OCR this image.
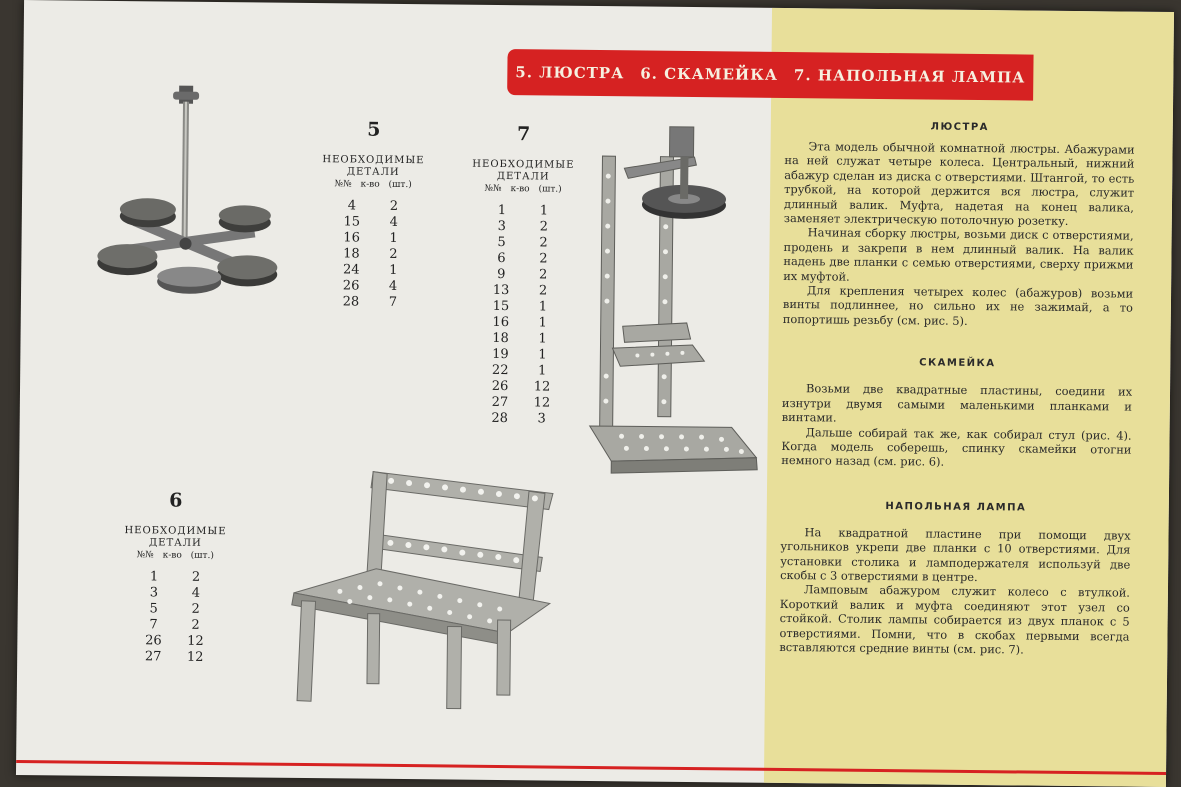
5. ЛЮСТРА 6. СКАМЕЙКА 7. НАПОЛЬНАЯ ЛАМПА
5
НЕОБХОДИМЫЕ
ДЕТАЛИ
№№ к-во (шт.)
4	2
15	4
16	1
18	2
24	1
26	4
28	7
7
НЕОБХОДИМЫЕ
ДЕТАЛИ
№№ к-во (шт.)
1	1
3	2
5	2
6	2
9	2
13	2
15	1
16	1
18	1
19	1
22	1
26	12
27	12
28	3
6
НЕОБХОДИМЫЕ
ДЕТАЛИ
№№ к-во (шт.)
1	2
3	4
5	2
7	2
26	12
27	12
ЛЮСТРА

Эта модель обычной комнатной люстры. Абажурами на ней служат четыре колеса. Центральный, нижний абажур сделан из диска с отверстиями. Штангой, то есть трубкой, на которой держится вся люстра, служит длинный валик. Муфта, надетая на конец валика, заменяет электрическую потолочную розетку.

Начиная сборку люстры, возьми диск с отверстиями, продень и закрепи в нем длинный валик. На валик надень две планки с семью отверстиями, сверху прижми их муфтой.

Для крепления четырех колес (абажуров) возьми винты подлиннее, но сильно их не зажимай, а то попортишь резьбу (см. рис. 5).

СКАМЕЙКА

Возьми две квадратные пластины, соедини их изнутри двумя самыми маленькими планками и винтами.

Дальше собирай так же, как собирал стул (рис. 4). Когда модель соберешь, спинку скамейки отогни немного назад (см. рис. 6).

НАПОЛЬНАЯ ЛАМПА

На квадратной пластине при помощи двух угольников укрепи две планки с 10 отверстиями. Для установки столика и ламподержателя используй две скобы с 3 отверстиями в центре.

Ламповым абажуром служит колесо с втулкой. Короткий валик и муфта соединяют этот узел со стойкой. Столик лампы собирается из двух планок с 5 отверстиями. Помни, что в скобах первыми всегда вставляются средние винты (см. рис. 7).
